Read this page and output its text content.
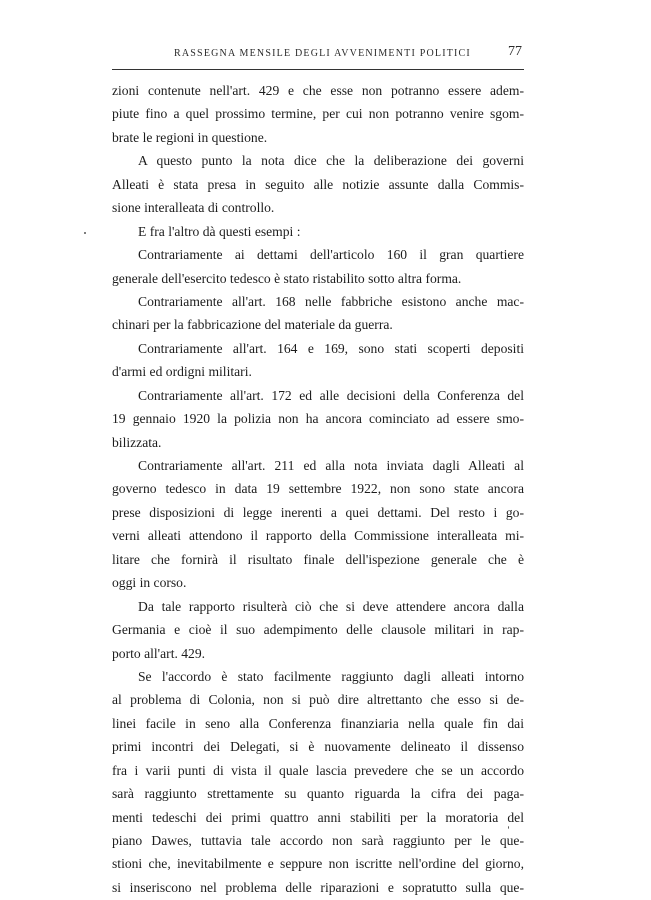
RASSEGNA MENSILE DEGLI AVVENIMENTI POLITICI	77
zioni contenute nell'art. 429 e che esse non potranno essere adem-
piute fino a quel prossimo termine, per cui non potranno venire sgom-
brate le regioni in questione.
A questo punto la nota dice che la deliberazione dei governi
Alleati è stata presa in seguito alle notizie assunte dalla Commis-
sione interalleata di controllo.
E fra l'altro dà questi esempi :
Contrariamente ai dettami dell'articolo 160 il gran quartiere
generale dell'esercito tedesco è stato ristabilito sotto altra forma.
Contrariamente all'art. 168 nelle fabbriche esistono anche mac-
chinari per la fabbricazione del materiale da guerra.
Contrariamente all'art. 164 e 169, sono stati scoperti depositi
d'armi ed ordigni militari.
Contrariamente all'art. 172 ed alle decisioni della Conferenza del
19 gennaio 1920 la polizia non ha ancora cominciato ad essere smo-
bilizzata.
Contrariamente all'art. 211 ed alla nota inviata dagli Alleati al
governo tedesco in data 19 settembre 1922, non sono state ancora
prese disposizioni di legge inerenti a quei dettami. Del resto i go-
verni alleati attendono il rapporto della Commissione interalleata mi-
litare che fornirà il risultato finale dell'ispezione generale che è
oggi in corso.
Da tale rapporto risulterà ciò che si deve attendere ancora dalla
Germania e cioè il suo adempimento delle clausole militari in rap-
porto all'art. 429.
Se l'accordo è stato facilmente raggiunto dagli alleati intorno
al problema di Colonia, non si può dire altrettanto che esso si de-
linei facile in seno alla Conferenza finanziaria nella quale fin dai
primi incontri dei Delegati, si è nuovamente delineato il dissenso
fra i varii punti di vista il quale lascia prevedere che se un accordo
sarà raggiunto strettamente su quanto riguarda la cifra dei paga-
menti tedeschi dei primi quattro anni stabiliti per la moratoria del
piano Dawes, tuttavia tale accordo non sarà raggiunto per le que-
stioni che, inevitabilmente e seppure non iscritte nell'ordine del giorno,
si inseriscono nel problema delle riparazioni e sopratutto sulla que-
